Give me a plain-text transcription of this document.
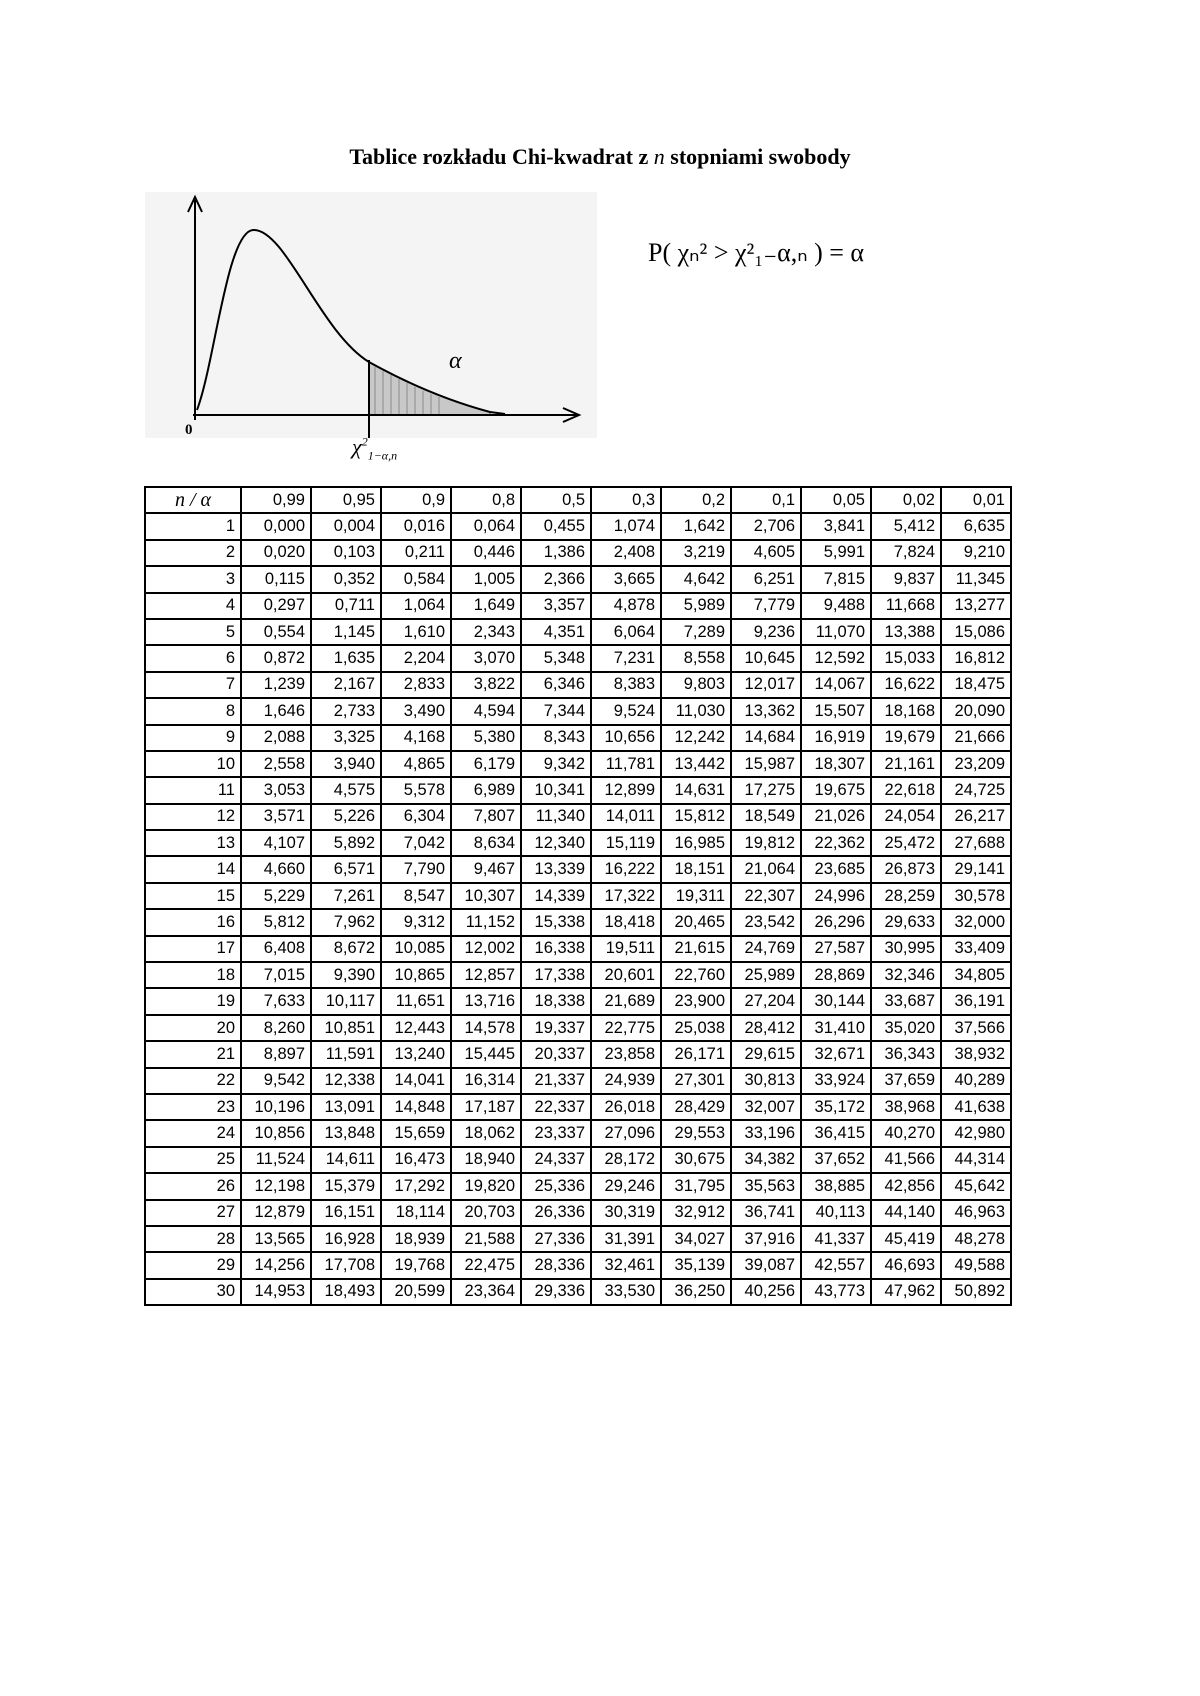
Tablice rozkładu Chi-kwadrat z n stopniami swobody
0
α
$\chi^2_{1-\alpha,n}$
P( χₙ² > χ²₁₋α,ₙ ) = α
n / α	0,99	0,95	0,9	0,8	0,5	0,3	0,2	0,1	0,05	0,02	0,01
1	0,000	0,004	0,016	0,064	0,455	1,074	1,642	2,706	3,841	5,412	6,635
2	0,020	0,103	0,211	0,446	1,386	2,408	3,219	4,605	5,991	7,824	9,210
3	0,115	0,352	0,584	1,005	2,366	3,665	4,642	6,251	7,815	9,837	11,345
4	0,297	0,711	1,064	1,649	3,357	4,878	5,989	7,779	9,488	11,668	13,277
5	0,554	1,145	1,610	2,343	4,351	6,064	7,289	9,236	11,070	13,388	15,086
6	0,872	1,635	2,204	3,070	5,348	7,231	8,558	10,645	12,592	15,033	16,812
7	1,239	2,167	2,833	3,822	6,346	8,383	9,803	12,017	14,067	16,622	18,475
8	1,646	2,733	3,490	4,594	7,344	9,524	11,030	13,362	15,507	18,168	20,090
9	2,088	3,325	4,168	5,380	8,343	10,656	12,242	14,684	16,919	19,679	21,666
10	2,558	3,940	4,865	6,179	9,342	11,781	13,442	15,987	18,307	21,161	23,209
11	3,053	4,575	5,578	6,989	10,341	12,899	14,631	17,275	19,675	22,618	24,725
12	3,571	5,226	6,304	7,807	11,340	14,011	15,812	18,549	21,026	24,054	26,217
13	4,107	5,892	7,042	8,634	12,340	15,119	16,985	19,812	22,362	25,472	27,688
14	4,660	6,571	7,790	9,467	13,339	16,222	18,151	21,064	23,685	26,873	29,141
15	5,229	7,261	8,547	10,307	14,339	17,322	19,311	22,307	24,996	28,259	30,578
16	5,812	7,962	9,312	11,152	15,338	18,418	20,465	23,542	26,296	29,633	32,000
17	6,408	8,672	10,085	12,002	16,338	19,511	21,615	24,769	27,587	30,995	33,409
18	7,015	9,390	10,865	12,857	17,338	20,601	22,760	25,989	28,869	32,346	34,805
19	7,633	10,117	11,651	13,716	18,338	21,689	23,900	27,204	30,144	33,687	36,191
20	8,260	10,851	12,443	14,578	19,337	22,775	25,038	28,412	31,410	35,020	37,566
21	8,897	11,591	13,240	15,445	20,337	23,858	26,171	29,615	32,671	36,343	38,932
22	9,542	12,338	14,041	16,314	21,337	24,939	27,301	30,813	33,924	37,659	40,289
23	10,196	13,091	14,848	17,187	22,337	26,018	28,429	32,007	35,172	38,968	41,638
24	10,856	13,848	15,659	18,062	23,337	27,096	29,553	33,196	36,415	40,270	42,980
25	11,524	14,611	16,473	18,940	24,337	28,172	30,675	34,382	37,652	41,566	44,314
26	12,198	15,379	17,292	19,820	25,336	29,246	31,795	35,563	38,885	42,856	45,642
27	12,879	16,151	18,114	20,703	26,336	30,319	32,912	36,741	40,113	44,140	46,963
28	13,565	16,928	18,939	21,588	27,336	31,391	34,027	37,916	41,337	45,419	48,278
29	14,256	17,708	19,768	22,475	28,336	32,461	35,139	39,087	42,557	46,693	49,588
30	14,953	18,493	20,599	23,364	29,336	33,530	36,250	40,256	43,773	47,962	50,892
